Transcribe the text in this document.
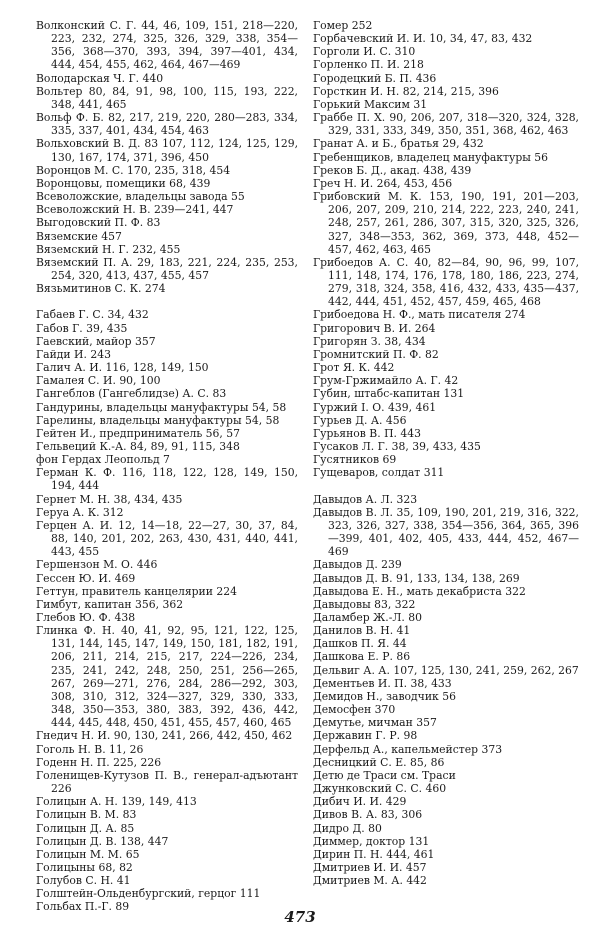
Волконский С. Г. 44, 46, 109, 151, 218—220, 223, 232, 274, 325, 326, 329, 338, 354—356, 368—370, 393, 394, 397—401, 434, 444, 454, 455, 462, 464, 467—469

Володарская Ч. Г. 440

Вольтер 80, 84, 91, 98, 100, 115, 193, 222, 348, 441, 465

Вольф Ф. Б. 82, 217, 219, 220, 280—283, 334, 335, 337, 401, 434, 454, 463

Вольховский В. Д. 83 107, 112, 124, 125, 129, 130, 167, 174, 371, 396, 450

Воронцов М. С. 170, 235, 318, 454

Воронцовы, помещики 68, 439

Всеволожские, владельцы завода 55

Всеволожский Н. В. 239—241, 447

Выгодовский П. Ф. 83

Вяземские 457

Вяземский Н. Г. 232, 455

Вяземский П. А. 29, 183, 221, 224, 235, 253, 254, 320, 413, 437, 455, 457

Вязьмитинов С. К. 274

Габаев Г. С. 34, 432

Габов Г. 39, 435

Гаевский, майор 357

Гайди И. 243

Галич А. И. 116, 128, 149, 150

Гамалея С. И. 90, 100

Гангеблов (Гангеблидзе) А. С. 83

Гандурины, владельцы мануфактуры 54, 58

Гарелины, владельцы мануфактуры 54, 58

Гейтен И., предприниматель 56, 57

Гельвеций К.-А. 84, 89, 91, 115, 348

фон Гердах Леопольд 7

Герман К. Ф. 116, 118, 122, 128, 149, 150, 194, 444

Гернет М. Н. 38, 434, 435

Геруа А. К. 312

Герцен А. И. 12, 14—18, 22—27, 30, 37, 84, 88, 140, 201, 202, 263, 430, 431, 440, 441, 443, 455

Гершензон М. О. 446

Гессен Ю. И. 469

Геттун, правитель канцелярии 224

Гимбут, капитан 356, 362

Глебов Ю. Ф. 438

Глинка Ф. Н. 40, 41, 92, 95, 121, 122, 125, 131, 144, 145, 147, 149, 150, 181, 182, 191, 206, 211, 214, 215, 217, 224—226, 234, 235, 241, 242, 248, 250, 251, 256—265, 267, 269—271, 276, 284, 286—292, 303, 308, 310, 312, 324—327, 329, 330, 333, 348, 350—353, 380, 383, 392, 436, 442, 444, 445, 448, 450, 451, 455, 457, 460, 465

Гнедич Н. И. 90, 130, 241, 266, 442, 450, 462

Гоголь Н. В. 11, 26

Годенн Н. П. 225, 226

Голенищев-Кутузов П. В., генерал-адъютант 226

Голицын А. Н. 139, 149, 413

Голицын В. М. 83

Голицын Д. А. 85

Голицын Д. В. 138, 447

Голицын М. М. 65

Голицыны 68, 82

Голубов С. Н. 41

Голштейн-Ольденбургский, герцог 111

Гольбах П.-Г. 89

Гомер 252

Горбачевский И. И. 10, 34, 47, 83, 432

Горголи И. С. 310

Горленко П. И. 218

Городецкий Б. П. 436

Горсткин И. Н. 82, 214, 215, 396

Горький Максим 31

Граббе П. Х. 90, 206, 207, 318—320, 324, 328, 329, 331, 333, 349, 350, 351, 368, 462, 463

Гранат А. и Б., братья 29, 432

Гребенщиков, владелец мануфактуры 56

Греков Б. Д., акад. 438, 439

Греч Н. И. 264, 453, 456

Грибовский М. К. 153, 190, 191, 201—203, 206, 207, 209, 210, 214, 222, 223, 240, 241, 248, 257, 261, 286, 307, 315, 320, 325, 326, 327, 348—353, 362, 369, 373, 448, 452—457, 462, 463, 465

Грибоедов А. С. 40, 82—84, 90, 96, 99, 107, 111, 148, 174, 176, 178, 180, 186, 223, 274, 279, 318, 324, 358, 416, 432, 433, 435—437, 442, 444, 451, 452, 457, 459, 465, 468

Грибоедова Н. Ф., мать писателя 274

Григорович В. И. 264

Григорян З. 38, 434

Громнитский П. Ф. 82

Грот Я. К. 442

Грум-Гржимайло А. Г. 42

Губин, штабс-капитан 131

Гуржий І. О. 439, 461

Гурьев Д. А. 456

Гурьянов В. П. 443

Гусаков Л. Г. 38, 39, 433, 435

Гусятников 69

Гущеваров, солдат 311

Давыдов А. Л. 323

Давыдов В. Л. 35, 109, 190, 201, 219, 316, 322, 323, 326, 327, 338, 354—356, 364, 365, 396—399, 401, 402, 405, 433, 444, 452, 467—469

Давыдов Д. 239

Давыдов Д. В. 91, 133, 134, 138, 269

Давыдова Е. Н., мать декабриста 322

Давыдовы 83, 322

Даламбер Ж.-Л. 80

Данилов В. Н. 41

Дашков П. Я. 44

Дашкова Е. Р. 86

Дельвиг А. А. 107, 125, 130, 241, 259, 262, 267

Дементьев И. П. 38, 433

Демидов Н., заводчик 56

Демосфен 370

Демутье, мичман 357

Державин Г. Р. 98

Дерфельд А., капельмейстер 373

Десницкий С. Е. 85, 86

Детю де Траси см. Траси

Джунковский С. С. 460

Дибич И. И. 429

Дивов В. А. 83, 306

Дидро Д. 80

Диммер, доктор 131

Дирин П. Н. 444, 461

Дмитриев И. И. 457

Дмитриев М. А. 442

473
